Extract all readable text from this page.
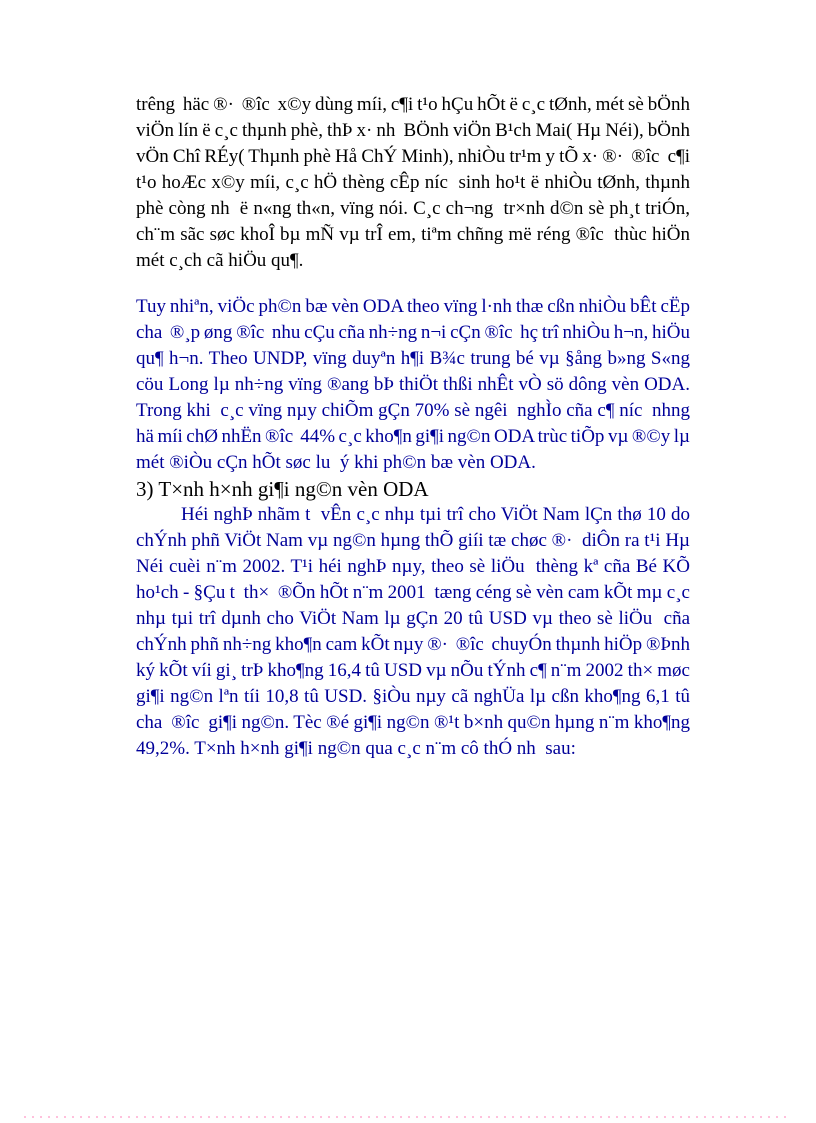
trêng  häc ®·  ®îc  x©y dùng míi, c¶i t¹o hÇu hÕt ë c¸c tØnh, mét sè bÖnh
viÖn lín ë c¸c thµnh phè, thÞ x· nh  BÖnh viÖn B¹ch Mai( Hµ Néi), bÖnh
vÖn Chî RÉy( Thµnh phè Hå ChÝ Minh), nhiÒu tr¹m y tÕ x· ®·  ®îc  c¶i
t¹o hoÆc x©y míi, c¸c hÖ thèng cÊp níc  sinh ho¹t ë nhiÒu tØnh, thµnh
phè còng nh  ë n«ng th«n, vïng nói. C¸c ch¬ng  tr×nh d©n sè ph¸t triÓn,
ch¨m sãc søc khoÎ bµ mÑ vµ trÎ em, tiªm chñng më réng ®îc  thùc hiÖn
mét c¸ch cã hiÖu qu¶.
Tuy nhiªn, viÖc ph©n bæ vèn ODA theo vïng l·nh thæ cßn nhiÒu bÊt cËp
cha  ®¸p øng ®îc  nhu cÇu cña nh÷ng n¬i cÇn ®îc  hç trî nhiÒu h¬n, hiÖu
qu¶ h¬n. Theo UNDP, vïng duyªn h¶i B¾c trung bé vµ §ång b»ng S«ng
cöu Long lµ nh÷ng vïng ®ang bÞ thiÖt thßi nhÊt vÒ sö dông vèn ODA.
Trong khi  c¸c vïng nµy chiÕm gÇn 70% sè ngêi  nghÌo cña c¶ níc  nhng
hä míi chØ nhËn ®îc  44% c¸c kho¶n gi¶i ng©n ODA trùc tiÕp vµ ®©y lµ
mét ®iÒu cÇn hÕt søc lu  ý khi ph©n bæ vèn ODA.
3) T×nh h×nh gi¶i ng©n vèn ODA
Héi nghÞ nhãm t  vÊn c¸c nhµ tµi trî cho ViÖt Nam lÇn thø 10 do
chÝnh phñ ViÖt Nam vµ ng©n hµng thÕ giíi tæ chøc ®·  diÔn ra t¹i Hµ
Néi cuèi n¨m 2002. T¹i héi nghÞ nµy, theo sè liÖu  thèng kª cña Bé KÕ
ho¹ch - §Çu t  th×  ®Õn hÕt n¨m 2001  tæng céng sè vèn cam kÕt mµ c¸c
nhµ tµi trî dµnh cho ViÖt Nam lµ gÇn 20 tû USD vµ theo sè liÖu  cña
chÝnh phñ nh÷ng kho¶n cam kÕt nµy ®·  ®îc  chuyÓn thµnh hiÖp ®Þnh
ký kÕt víi gi¸ trÞ kho¶ng 16,4 tû USD vµ nÕu tÝnh c¶ n¨m 2002 th× møc
gi¶i ng©n lªn tíi 10,8 tû USD. §iÒu nµy cã nghÜa lµ cßn kho¶ng 6,1 tû
cha  ®îc  gi¶i ng©n. Tèc ®é gi¶i ng©n ®¹t b×nh qu©n hµng n¨m kho¶ng
49,2%. T×nh h×nh gi¶i ng©n qua c¸c n¨m cô thÓ nh  sau:
